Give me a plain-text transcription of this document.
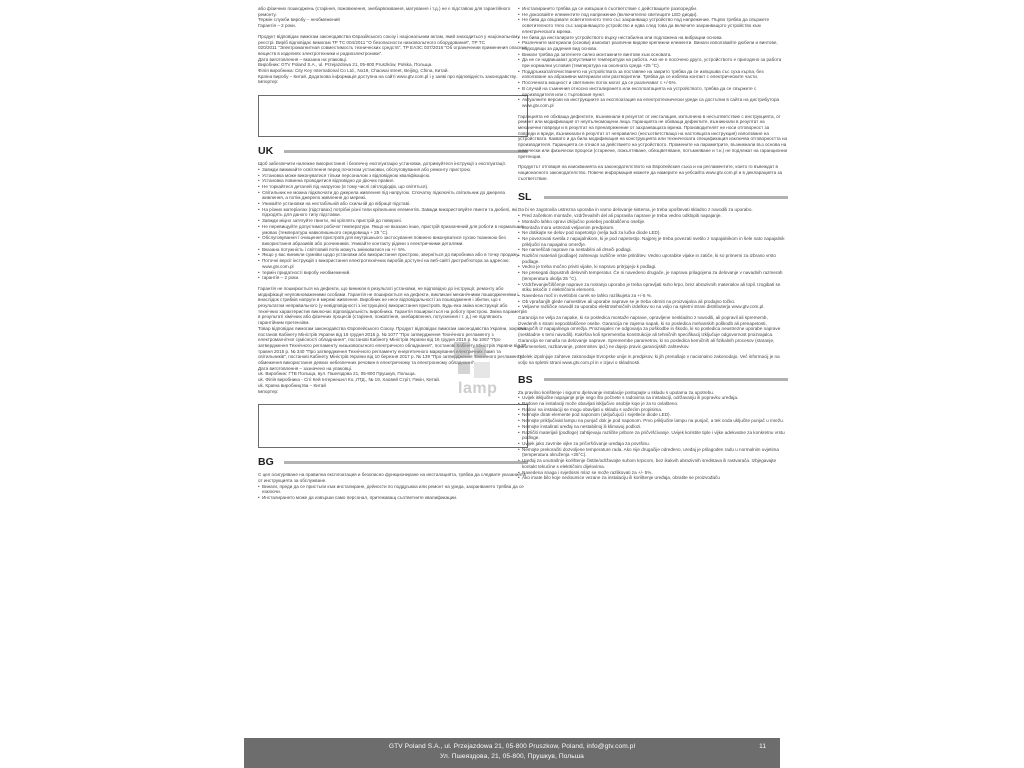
або фізичних пошкоджень (старіння, пожовкнення, знебарвлювання, матування і т.д.) не є підставою для гарантійного ремонту.

Термін служби виробу – необмежений

Гарантія – 2 роки.

Продукт відповідає вимогам законодавства Євразійського союзу і національним актам, який знаходиться у національному реєстрі. Виріб відповідає вимогам ТР ТС 004/2011 "О безопасности низковольтного оборудования", ТР ТС

020/2011 "Электромагнитная совместимость технических средств", ТР ЕАЭС 037/2016 "Об ограничении применения опасных веществ в изделиях электротехники и радиоэлектроники".

Дата виготовлення – вказана на упаковці.

Виробник: GTV Poland S.A., ul. Przejazdowa 21, 05-800 Pruszków, Polska, Польща.

Філія виробника: City Key International Co Ltd., No19, Chaowai street, Beijing, China, Китай.

Країна виробу – Китай. Додаткова інформація доступна на сайті www.gtv.com.pl і у заяві про відповідність законодавству.

Імпортер:

UK

Щоб забезпечити належне використання і безпечну експлуатацію установки, дотримуйтеся інструкції з експлуатації.

• Завжди вимикайте освітлення перед початком установки, обслуговування або ремонту пристрою.
• Установка може виконуватися тільки персоналом з відповідною кваліфікацією.
• Установка повинна проводитися відповідно до діючих правил.
• Не торкайтеся деталей під напругою (в тому числі світлодіодів, що світяться).
• Світильник не можна підключати до джерела живлення під напругою. Спочатку підключіть світильник до джерела живлення, а потім джерело живлення до мережі.
• Уникайте установки на нестабільній або схильній до вібрації підставі.
• На різних матеріалах (підставах) потрібні різні типи кріпильних елементів. Завжди використовуйте гвинти та дюбелі, які підходять для даного типу підставки.
• Завжди міцно затягуйте гвинти, які кріплять пристрій до поверхні.
• Не перевищуйте допустимої робочої температури. Якщо не вказано інше, пристрій призначений для роботи в нормальних умовах (температура навколишнього середовища + 25 °С).
• Обслуговування / очищення пристроїв для внутрішнього застосування повинно виконуватися сухою тканиною без використання абразивів або розчинників. Уникайте контакту рідини з електричними деталями.
• Вказана потужність і світловий потік можуть змінюватися на +/- 5%.
• Якщо у вас виникли сумніви щодо установки або використання пристрою, зверніться до виробника або в точку продажу.
• Поточні версії інструкцій з використання електротехнічних виробів доступні на веб-сайті дистриб'ютора за адресою: www.gtv.com.pl
• термін придатності виробу необмежений.
• гарантія – 2 роки.

Гарантія не поширюється на дефекти, що виникли в результаті установки, не відповідно до інструкції, ремонту або модифікації неуповноваженими особами. Гарантія не поширюється на дефекти, викликані механічними пошкодженнями і внаслідок стрибків напруги в мережі живлення. Виробник не несе відповідальності за пошкодження і збитки, що є результатом неправильного (у невідповідності з інструкцією) використання пристроїв. Будь-яка зміна конструкції або технічних характеристик виключає відповідальність виробника. Гарантія поширюється на роботу пристрою. Зміна параметрів в результаті хімічних або фізичних процесів (старіння, пожовтіння, знебарвлення, потускніння і т. д.) не підлягають гарантійним претензіям.

Товар відповідає вимогам законодавства Європейського Союзу. Продукт відповідає вимогам законодавства України, зокрема постанов Кабінету Міністрів України від 16 грудня 2015 р. № 1077 "Про затвердження Технічного регламенту з електромагнітної сумісності обладнання", постанові Кабінету Міністрів України від 16 грудня 2015 р. № 1067 "Про затвердження Технічного регламенту низьковольтного електричного обладнання", постанові Кабінету Міністрів України від 27 травня 2015 р. № 340 "Про затвердження Технічного регламенту енергетичного маркування електричних ламп та світильників", постанові Кабінету Міністрів України від 10 березня 2017 р. № 139 "Про затвердження Технічного регламенту обмеження використання деяких небезпечних речовин в електричному та електронному обладнанні".

Дата виготовлення – зазначено на упаковці.

uk. Виробник: ГТВ Польща, вул. Пшеяздова 21, 05-800 Прушкув, Польща.

uk. Філія виробника - Сіті Кей Інтернешнл Ко.,ЛТД., № 19, Хаовей Стріт, Пекін, Китай.

uk. Країна виробництва – Китай

Імпортер:

BG

С цел осигуряване на правилна експлоатация и безопасно функциониране на инсталацията, трябва да следвате указанията от инструкцията за обслужване.

• Винаги, преди да се пристъпи към инсталиране, дейности по поддръжка или ремонт на уреда, захранването трябва да се изключи.
• Инсталирането може да извърши само персонал, притежаващ съответните квалификации.
• Инсталирането трябва да се извърши в съответствие с действащите разпоредби.
• Не докосвайте елементите под напрежение (включително светещите LED диоди).
• Не бива да свързвате осветителното тяло със захранващо устройство под напрежение. Първо трябва да свържете осветителното тяло със захранващото устройство и едва след това да включите захранващото устройство към електрическата мрежа.
• Не бива да инсталирате устройството върху нестабилна или подложена на вибрации основа.
• Различните материали (основи) изискват различни видове крепежни елементи. Винаги използвайте дюбели и винтове, подходящи за дадения вид основа.
• Винаги трябва да затегнете силно монтажните винтове към основата.
• Да не се надвишават допустимите температури на работа. Ако не е посочено друго, устройството е пригодено за работа при нормални условия (температура на околната среда +25 °C).
• Поддръжката/почистването на устройствата за поставяне на закрито трябва да се извършва със суха кърпа, без използване на абразивни материали или разтворители. Трябва да се избягва контакт с електрическите части.
• Посочената мощност и светлинен поток могат да се различават с +/-5%.
• В случай на съмнения относно инсталирането или експлоатацията на устройството, трябва да се свържете с производителя или с търговския пункт.
• Актуалните версии на инструкциите за експлоатация на електротехнически уреди са достъпни в сайта на дистрибутора www.gtv.com.pl

Гаранцията не обхваща дефектите, възникнали в резултат от инсталация, изпълнена в несъответствие с инструкцията, от ремонт или модификация от неупълномощени лица. Гаранцията не обхваща дефектите, възникнали в резултат на механични повреди и в резултат на пренапрежение от захранващата мрежа. Производителят не носи отговорност за повреди и вреди, възникнали в резултат от неправилно (несъответстващо на настоящата инструкция) използване на устройствата. Каквато и да била модификация на конструкцията или техническата спецификация изключва отговорността на производителя. Гаранцията се отнася за действието на устройството. Промените на параметрите, възникнали въз основа на химически или физически процеси (стареене, пожълтяване, обезцветяване, потъмняване и т.н.) не подлежат на гаранционни претенции.

Продуктът отговаря на изискванията на законодателството на Европейския съюз и на регламентите, които го въвеждат в националното законодателство. Повече информация можете да намерите на уебсайта www.gtv.com.pl и в декларацията за съответствие.

SL

Da bi se zagotovila ustrezna uporaba in varno delovanje sistema, je treba upoštevati skladno z navodili za uporabo.

• Pred začetkom montaže, vzdrževalnih del ali popravila naprave je treba vedno odklopiti napajanje.
• Montažo lahko opravi izključno posebej pooblaščeno osebje.
• Montaža mora ustrezati veljavnim predpisom.
• Ne dotikajte se delov pod napetostjo (velja tudi za lučke diode LED).
• Ne povezovati svetila z napajalnikom, ki je pod napetostjo. Najprej je treba povezati svetilo z napajalnikom in šele nato napajalnik priključiti na napajalno omrežje.
• Ne nameščati naprave na nestabilni ali drseči podlagi.
• Različni materiali (podlage) zahtevajo različne vrste pritrditev. Vedno uporabite vijake in zatiče, ki so primerni za izbrano vrsto podlage.
• Vedno je treba močno priviti vijake, ki napravo pritrjujejo k podlagi.
• Ne presegati dopustnih delovnih temperatur. Če ni navedeno drugače, je naprava prilagojena za delovanje v navadnih razmerah (temperatura okolja 25 °C).
• Vzdrževanje/čiščenje naprave za notranjo uporabo je treba opravljati suho krpo, brez abrazivnih materialov ali topil. Izogibati se stiku tekočin z električnimi elementi.
• Navedena moč in svetlobni curek se lahko razlikujeta za +/-5 %.
• Ob vprašanjih glede namestitve ali uporabe naprave se je treba obrniti na proizvajalca ali prodajno točko.
• Veljavne različice navodil za uporabo elektrotehničnih izdelkov so na voljo na spletni strani distributerja www.gtv.com.pl.

Garancija ne velja za napake, ki so posledica montaže naprave, opravljene neskladno z navodili, ali popravil ali sprememb, izvedenih s strani nepooblaščene osebe. Garancija ne zajema napak, ki so posledica mehanskih poškodb ali prenapetosti, izvirajočih iz napajalnega omrežja. Proizvajalec ne odgovarja za poškodbe in škodo, ki so posledica neustrezne uporabe naprave (neskladne s temi navodili). Kakršna koli sprememba konstrukcije ali tehničnih specifikacij izključuje odgovornost proizvajalca. Garancija se nanaša na delovanje naprave. Spremembe parametrov, ki so posledica kemičnih ali fizikalnih procesov (staranje, porumenelost, razbarvanje, potemnitev ipd.) ne dajejo pravic garancijskih zahtevkov.

Izdelek izpolnjuje zahteve zakonodaje Evropske unije in predpisov, ki jih prenašajo v nacionalno zakonodajo. Več informacij je na voljo na spletni strani www.gtv.com.pl in v izjavi o skladnosti.

BS

Za pravilno korištenje i sigurno djelovanje instalacije postupajte u skladu s uputama za upotrebu.

• Uvijek isključite napajanje prije nego što počnete s radovima na instalaciji, održavanju ili popravku uređaja.
• Radove na instalaciji može obavljati isključivo osoblje koje je za to ovlašteno.
• Radovi na instalaciji se mogu obavljati u skladu s važećim propisima.
• Nemojte dirati elemente pod naponom (uključujući i svjetleće diode LED).
• Nemojte priključivati lampu na punjač dok je pod naponom. Prvo priključite lampu na punjač, a tek onda uključite punjač u mrežu.
• Nemojte instalirati uređaj na nestabilnoj ili klimavoj podlozi.
• Različiti materijali (podloge) zahtijevaju različite pribore za pričvršćivanje. Uvijek koristite tiple i vijke adekvatne za konkretnu vrstu podloge.
• Uvijek jako zavrnite vijke za pričvršćivanje uređaja za površinu.
• Nemojte prekoračiti dozvoljene temperature rada. Ako nije drugačije određeno, uređaj je prilagođen radu u normalnim uvjetima (temperatura okruženja +25°C).
• Uređaj za unutrašnje korištenje čistite/održavajte suhom krpicom, bez ikakvih abrazivnih sredstava ili rastvarača. Izbjegavajte kontakt tekućine s električnim dijelovima.
• Navedena snaga i svjetlosni mlaz se može razlikovati za +/- 5%.
• Ako imate bilo koje nedoumice vezane za instalaciju ili korištenje uređaja, obratite se proizvođaču
lamp
GTV Poland S.A., ul. Przejazdowa 21, 05-800 Pruszkow, Poland, info@gtv.com.pl
Ул. Пшеяздова, 21, 05-800, Прушкув, Польша
11
